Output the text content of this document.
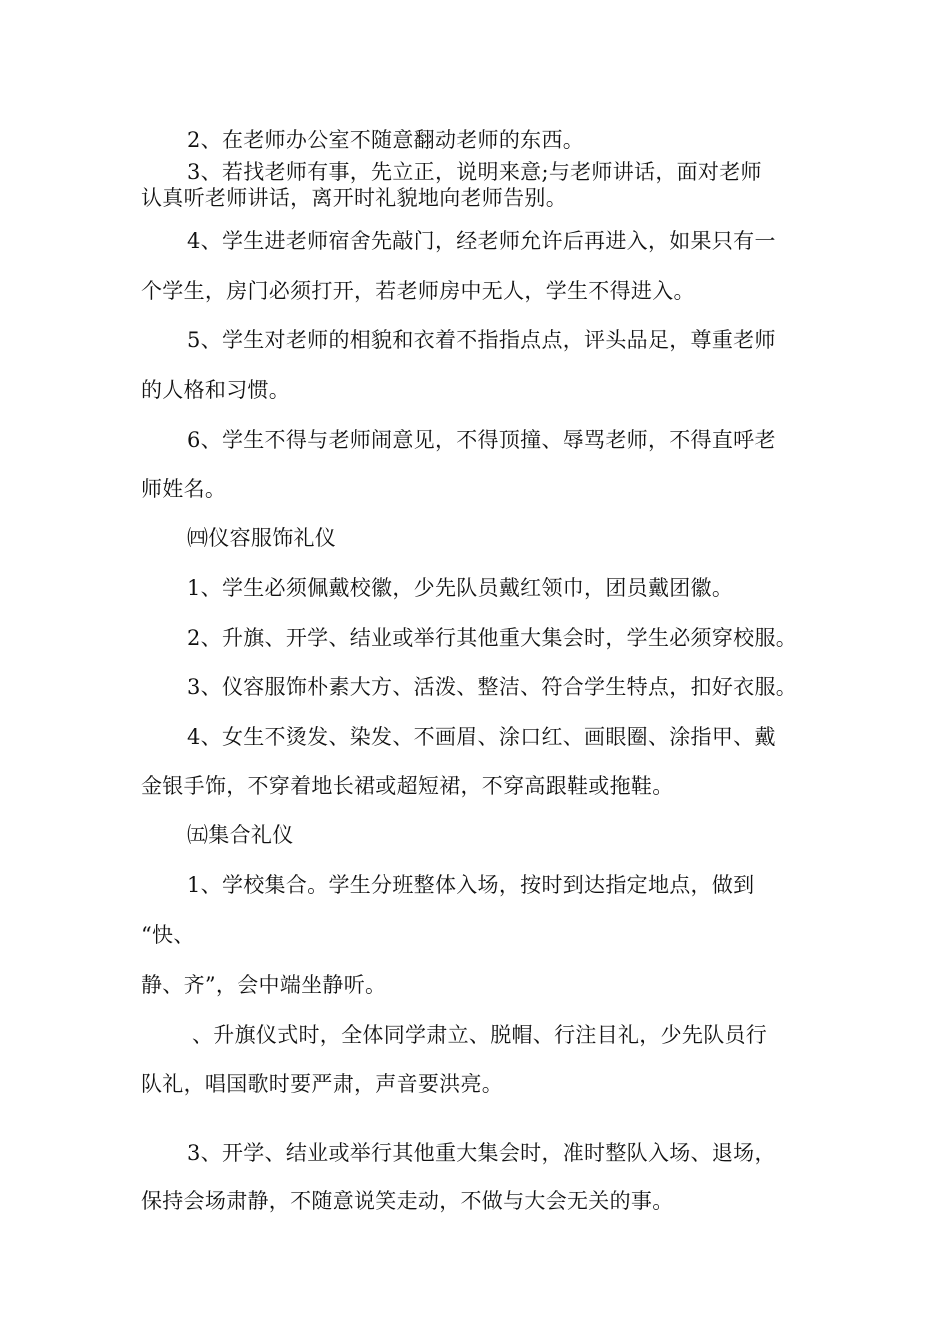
2、在老师办公室不随意翻动老师的东西。

3、若找老师有事，先立正，说明来意;与老师讲话，面对老师

认真听老师讲话，离开时礼貌地向老师告别。

4、学生进老师宿舍先敲门，经老师允许后再进入，如果只有一

个学生，房门必须打开，若老师房中无人，学生不得进入。

5、学生对老师的相貌和衣着不指指点点，评头品足，尊重老师

的人格和习惯。

6、学生不得与老师闹意见，不得顶撞、辱骂老师，不得直呼老

师姓名。

㈣仪容服饰礼仪

1、学生必须佩戴校徽，少先队员戴红领巾，团员戴团徽。

2、升旗、开学、结业或举行其他重大集会时，学生必须穿校服。

3、仪容服饰朴素大方、活泼、整洁、符合学生特点，扣好衣服。

4、女生不烫发、染发、不画眉、涂口红、画眼圈、涂指甲、戴

金银手饰，不穿着地长裙或超短裙，不穿高跟鞋或拖鞋。

㈤集合礼仪

1、学校集合。学生分班整体入场，按时到达指定地点，做到

“快、

静、齐”，会中端坐静听。

、升旗仪式时，全体同学肃立、脱帽、行注目礼，少先队员行

队礼，唱国歌时要严肃，声音要洪亮。

3、开学、结业或举行其他重大集会时，准时整队入场、退场，

保持会场肃静，不随意说笑走动，不做与大会无关的事。
